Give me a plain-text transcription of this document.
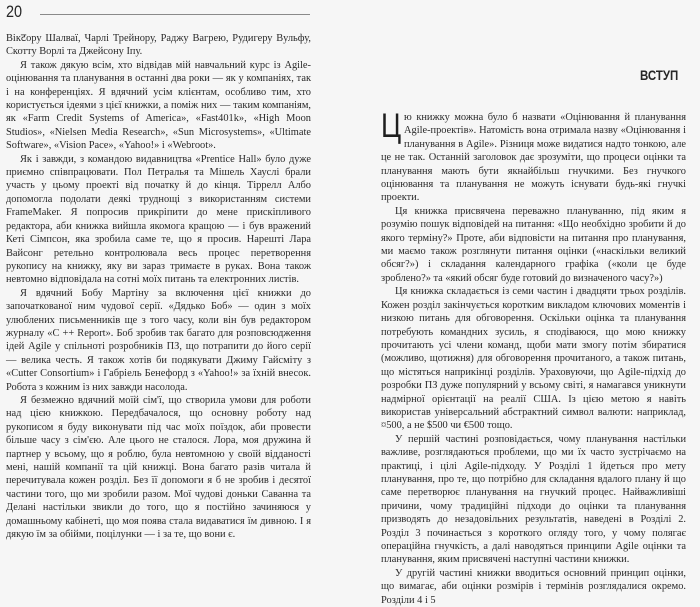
20

Вікटору Шалваї, Чарлі Трейнору, Раджу Вагрею, Рудигеру Вульфу, Скотту Ворлі та Джейсону Іпу.

Я також дякую всім, хто відвідав мій навчальний курс із Agile-оцінювання та планування в останні два роки — як у компаніях, так і на конференціях. Я вдячний усім клієнтам, особливо тим, хто користується ідеями з цієї книжки, а поміж них — таким компаніям, як «Farm Credit Systems of America», «Fast401k», «High Moon Studios», «Nielsen Media Research», «Sun Microsystems», «Ultimate Software», «Vision Pace», «Yahoo!» і «Webroot».

Як і завжди, з командою видавництва «Prentice Hall» було дуже приємно співпрацювати. Пол Петралья та Мішель Хауслі брали участь у цьому проекті від початку й до кінця. Тіррелл Албо допомогла подолати деякі труднощі з використанням системи FrameMaker. Я попросив прикріпити до мене прискіпливого редактора, аби книжка вийшла якомога кращою — і був вражений Кеті Сімпсон, яка зробила саме те, що я просив. Нарешті Лара Вайсонг ретельно контролювала весь процес перетворення рукопису на книжку, яку ви зараз тримаєте в руках. Вона також невтомно відповідала на сотні моїх питань та електронних листів.

Я вдячний Бобу Мартіну за включення цієї книжки до започаткованої ним чудової серії. «Дядько Боб» — один з моїх улюблених письменників ще з того часу, коли він був редактором журналу «C ++ Report». Боб зробив так багато для розповсюдження ідей Agile у спільноті розробників ПЗ, що потрапити до його серії — велика честь. Я також хотів би подякувати Джиму Гайсміту з «Cutter Consortium» і Габріель Бенефорд з «Yahoo!» за їхній внесок. Робота з кожним із них завжди насолода.

Я безмежно вдячний моїй сім'ї, що створила умови для роботи над цією книжкою. Передбачалося, що основну роботу над рукописом я буду виконувати під час моїх поїздок, аби провести більше часу з сім'єю. Але цього не сталося. Лора, моя дружина й партнер у всьому, що я роблю, була невтомною у своїй відданості мені, нашій компанії та цій книжці. Вона багато разів читала й перечитувала кожен розділ. Без її допомоги я б не зробив і десятої частини того, що ми зробили разом. Мої чудові доньки Саванна та Делані настільки звикли до того, що я постійно зачиняюся у домашньому кабінеті, що моя поява стала видаватися їм дивною. І я дякую їм за обійми, поцілунки — і за те, що вони є.

ВСТУП

Цю книжку можна було б назвати «Оцінювання й планування Agile-проектів». Натомість вона отримала назву «Оцінювання і планування в Agile». Різниця може видатися надто тонкою, але це не так. Останній заголовок дає зрозуміти, що процеси оцінки та планування мають бути якнайбільш гнучкими. Без гнучкого оцінювання та планування не можуть існувати будь-які гнучкі проекти.

Ця книжка присвячена переважно плануванню, під яким я розумію пошук відповідей на питання: «Що необхідно зробити й до якого терміну?» Проте, аби відповісти на питання про планування, ми маємо також розглянути питання оцінки («наскільки великий обсяг?») і складання календарного графіка («коли це буде зроблено?» та «який обсяг буде готовий до визначеного часу?»)

Ця книжка складається із семи частин і двадцяти трьох розділів. Кожен розділ закінчується коротким викладом ключових моментів і низкою питань для обговорення. Оскільки оцінка та планування потребують командних зусиль, я сподіваюся, що мою книжку прочитають усі члени команд, щоби мати змогу потім збиратися (можливо, щотижня) для обговорення прочитаного, а також питань, що містяться наприкінці розділів. Ураховуючи, що Agile-підхід до розробки ПЗ дуже популярний у всьому світі, я намагався уникнути надмірної орієнтації на реалії США. Із цією метою я навіть використав універсальний абстрактний символ валюти: наприклад, ¤500, а не $500 чи €500 тощо.

У першій частині розповідається, чому планування настільки важливе, розглядаються проблеми, що ми їх часто зустрічаємо на практиці, і цілі Agile-підходу. У Розділі 1 йдеться про мету планування, про те, що потрібно для складання вдалого плану й що саме перетворює планування на гнучкий процес. Найважливіші причини, чому традиційні підходи до оцінки та планування призводять до незадовільних результатів, наведені в Розділі 2. Розділ 3 починається з короткого огляду того, у чому полягає операційна гнучкість, а далі наводяться принципи Agile оцінки та планування, яким присвячені наступні частини книжки.

У другій частині книжки вводиться основний принцип оцінки, що вимагає, аби оцінки розмірів і термінів розглядалися окремо. Розділи 4 і 5
